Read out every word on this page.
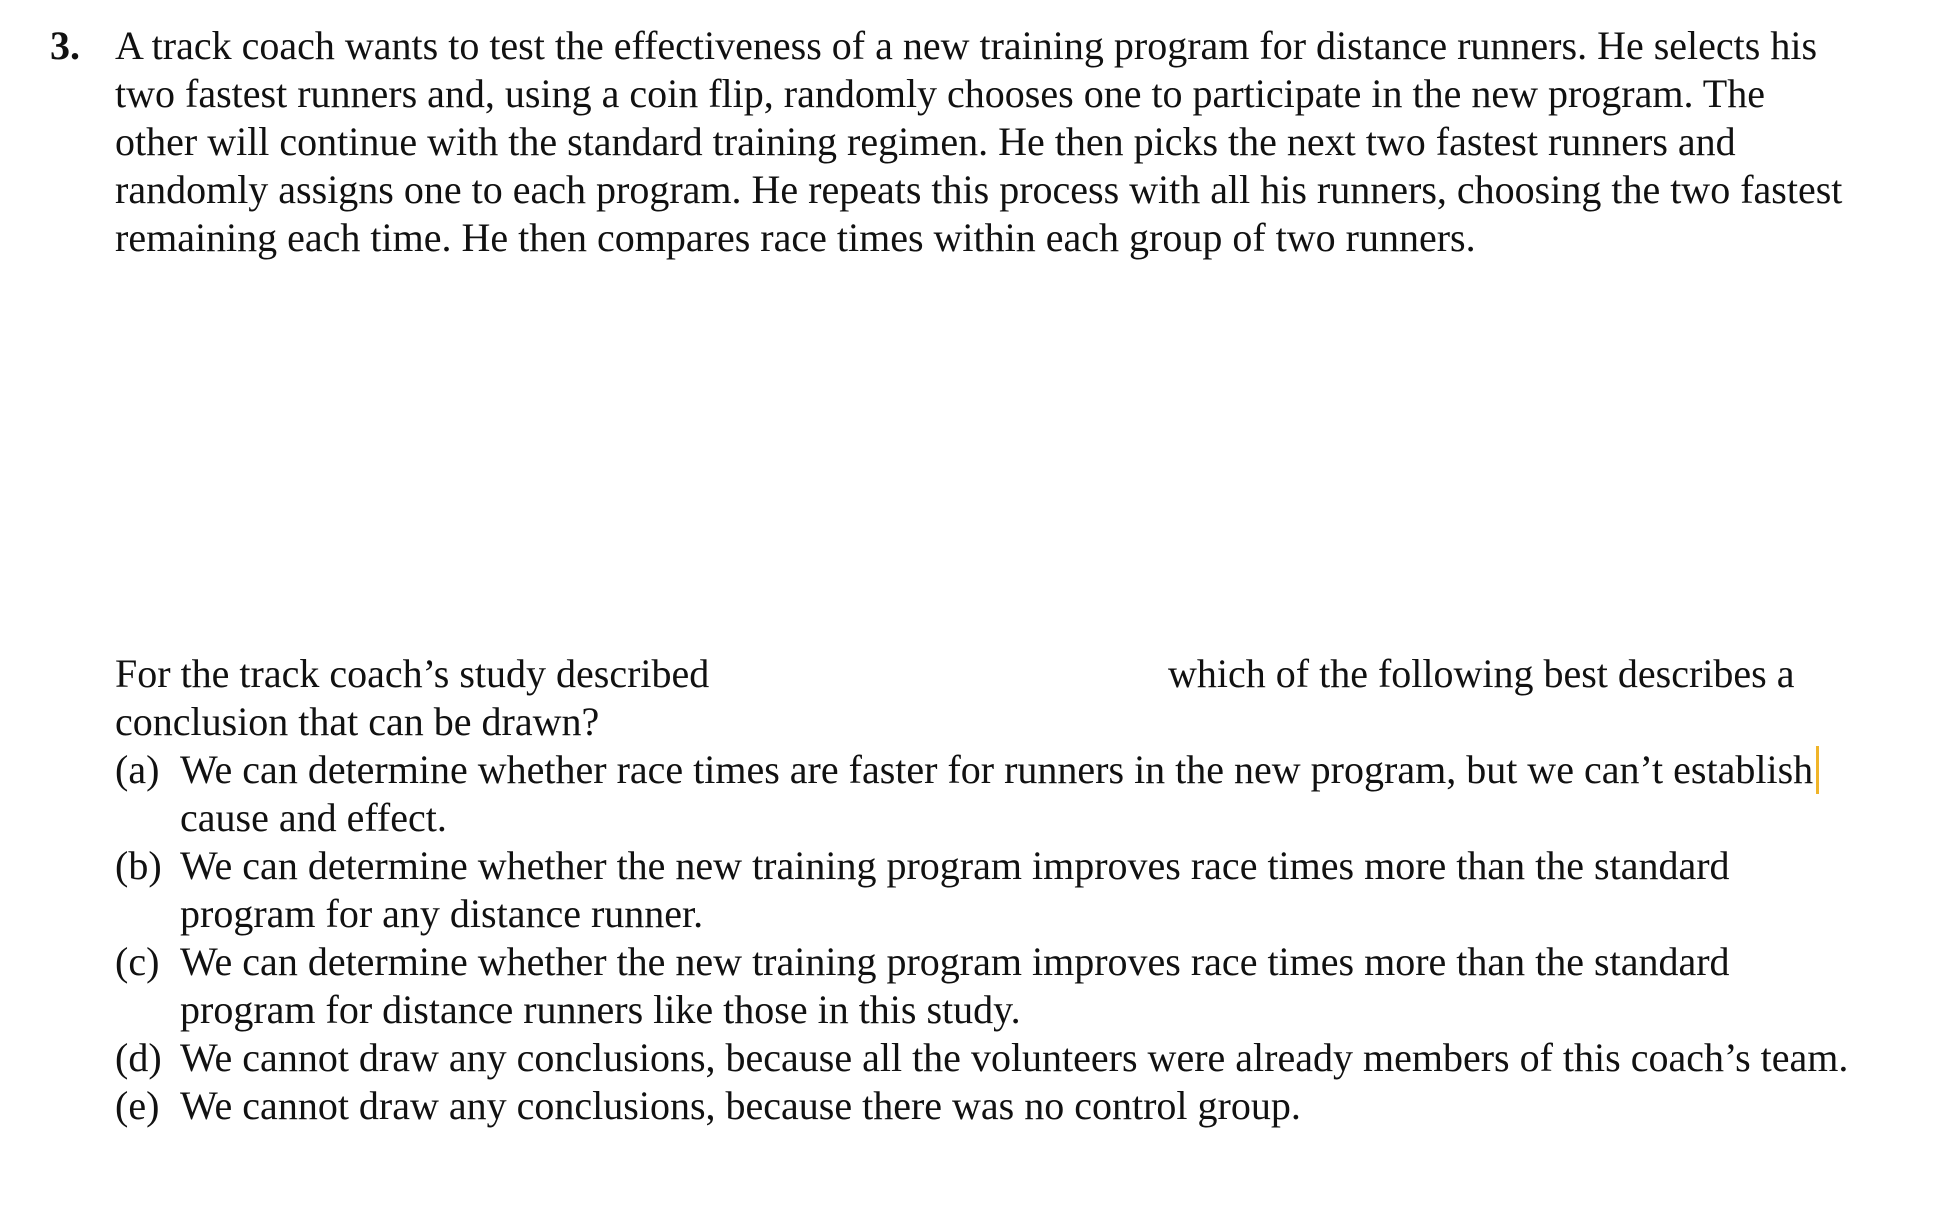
3. A track coach wants to test the effectiveness of a new training program for distance runners. He selects his
two fastest runners and, using a coin flip, randomly chooses one to participate in the new program. The
other will continue with the standard training regimen. He then picks the next two fastest runners and
randomly assigns one to each program. He repeats this process with all his runners, choosing the two fastest
remaining each time. He then compares race times within each group of two runners.
For the track coach’s study described	which of the following best describes a
conclusion that can be drawn?
(a) We can determine whether race times are faster for runners in the new program, but we can’t establish
cause and effect.
(b) We can determine whether the new training program improves race times more than the standard
program for any distance runner.
(c) We can determine whether the new training program improves race times more than the standard
program for distance runners like those in this study.
(d) We cannot draw any conclusions, because all the volunteers were already members of this coach’s team.
(e) We cannot draw any conclusions, because there was no control group.
